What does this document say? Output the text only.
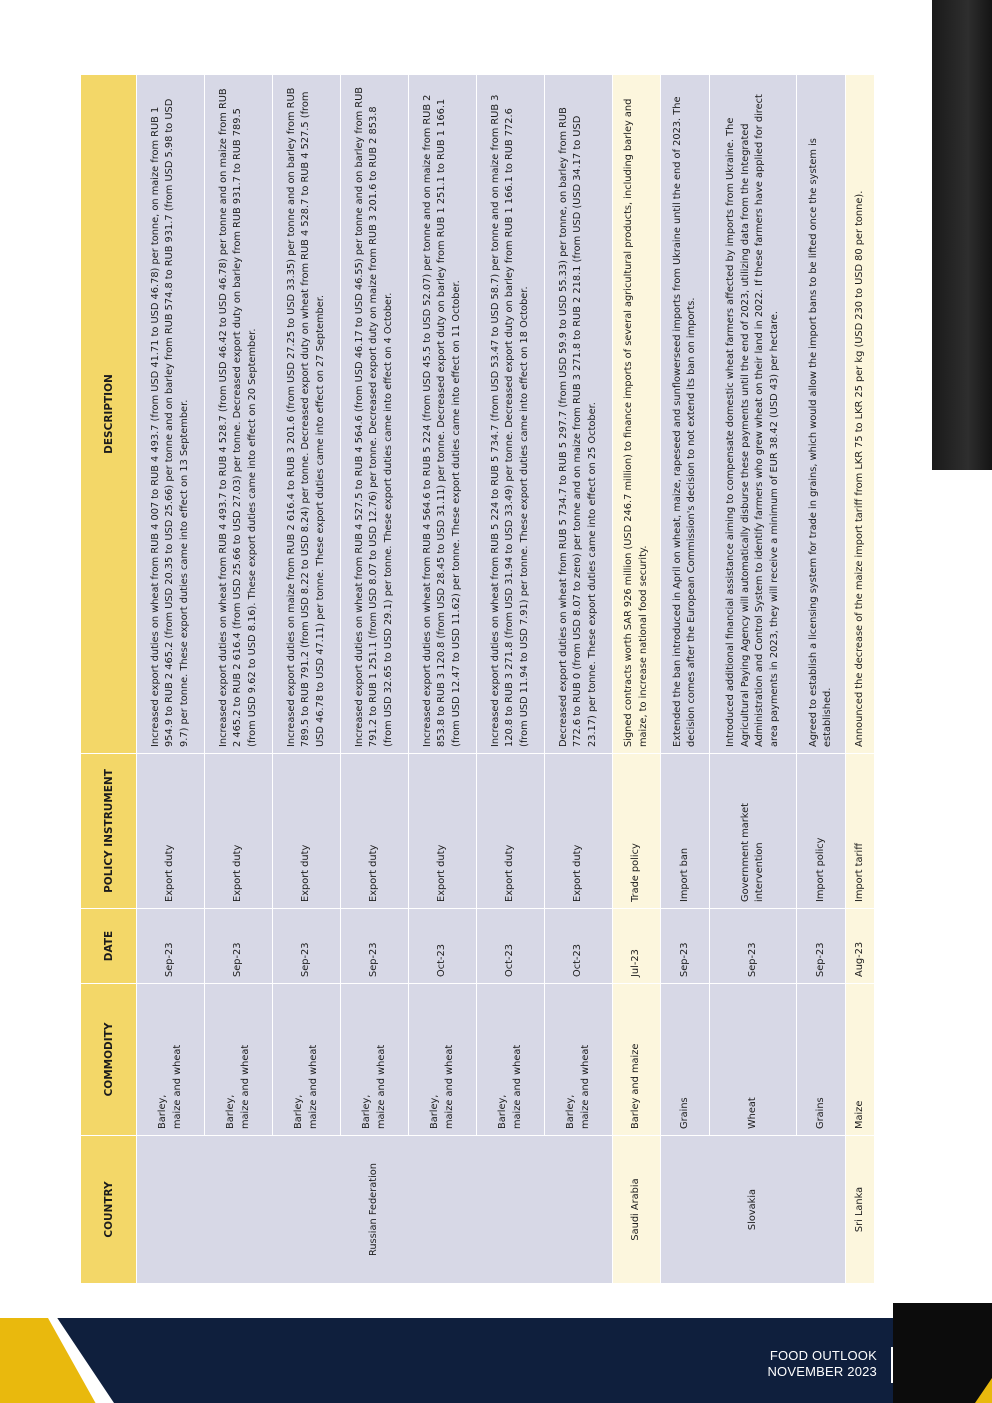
FOOD OUTLOOK
NOVEMBER 2023
COUNTRY	COMMODITY	DATE	POLICY INSTRUMENT	DESCRIPTION
Russian Federation	Barley, maize and wheat	Sep-23	Export duty	Increased export duties on wheat from RUB 4 007 to RUB 4 493.7 (from USD 41.71 to USD 46.78) per tonne, on maize from RUB 1 954.9 to RUB 2 465.2 (from USD 20.35 to USD 25.66) per tonne and on barley from RUB 574.8 to RUB 931.7 (from USD 5.98 to USD 9.7) per tonne. These export duties came into effect on 13 September.
	Barley, maize and wheat	Sep-23	Export duty	Increased export duties on wheat from RUB 4 493.7 to RUB 4 528.7 (from USD 46.42 to USD 46.78) per tonne and on maize from RUB 2 465.2 to RUB 2 616.4 (from USD 25.66 to USD 27.03) per tonne. Decreased export duty on barley from RUB 931.7 to RUB 789.5 (from USD 9.62 to USD 8.16). These export duties came into effect on 20 September.
	Barley, maize and wheat	Sep-23	Export duty	Increased export duties on maize from RUB 2 616.4 to RUB 3 201.6 (from USD 27.25 to USD 33.35) per tonne and on barley from RUB 789.5 to RUB 791.2 (from USD 8.22 to USD 8.24) per tonne. Decreased export duty on wheat from RUB 4 528.7 to RUB 4 527.5 (from USD 46.78 to USD 47.11) per tonne. These export duties came into effect on 27 September.
	Barley, maize and wheat	Sep-23	Export duty	Increased export duties on wheat from RUB 4 527.5 to RUB 4 564.6 (from USD 46.17 to USD 46.55) per tonne and on barley from RUB 791.2 to RUB 1 251.1 (from USD 8.07 to USD 12.76) per tonne. Decreased export duty on maize from RUB 3 201.6 to RUB 2 853.8 (from USD 32.65 to USD 29.1) per tonne. These export duties came into effect on 4 October.
	Barley, maize and wheat	Oct-23	Export duty	Increased export duties on wheat from RUB 4 564.6 to RUB 5 224 (from USD 45.5 to USD 52.07) per tonne and on maize from RUB 2 853.8 to RUB 3 120.8 (from USD 28.45 to USD 31.11) per tonne. Decreased export duty on barley from RUB 1 251.1 to RUB 1 166.1 (from USD 12.47 to USD 11.62) per tonne. These export duties came into effect on 11 October.
	Barley, maize and wheat	Oct-23	Export duty	Increased export duties on wheat from RUB 5 224 to RUB 5 734.7 (from USD 53.47 to USD 58.7) per tonne and on maize from RUB 3 120.8 to RUB 3 271.8 (from USD 31.94 to USD 33.49) per tonne. Decreased export duty on barley from RUB 1 166.1 to RUB 772.6 (from USD 11.94 to USD 7.91) per tonne. These export duties came into effect on 18 October.
	Barley, maize and wheat	Oct-23	Export duty	Decreased export duties on wheat from RUB 5 734.7 to RUB 5 297.7 (from USD 59.9 to USD 55.33) per tonne, on barley from RUB 772.6 to RUB 0 (from USD 8.07 to zero) per tonne and on maize from RUB 3 271.8 to RUB 2 218.1 (from USD (USD 34.17 to USD 23.17) per tonne. These export duties came into effect on 25 October.
Saudi Arabia	Barley and maize	Jul-23	Trade policy	Signed contracts worth SAR 926 million (USD 246.7 million) to finance imports of several agricultural products, including barley and maize, to increase national food security.
Slovakia	Grains	Sep-23	Import ban	Extended the ban introduced in April on wheat, maize, rapeseed and sunflowerseed imports from Ukraine until the end of 2023. The decision comes after the European Commission's decision to not extend its ban on imports.
	Wheat	Sep-23	Government market intervention	Introduced additional financial assistance aiming to compensate domestic wheat farmers affected by imports from Ukraine. The Agricultural Paying Agency will automatically disburse these payments until the end of 2023, utilizing data from the Integrated Administration and Control System to identify farmers who grew wheat on their land in 2022. If these farmers have applied for direct area payments in 2023, they will receive a minimum of EUR 38.42 (USD 43) per hectare.
	Grains	Sep-23	Import policy	Agreed to establish a licensing system for trade in grains, which would allow the import bans to be lifted once the system is established.
Sri Lanka	Maize	Aug-23	Import tariff	Announced the decrease of the maize import tariff from LKR 75 to LKR 25 per kg (USD 230 to USD 80 per tonne).
